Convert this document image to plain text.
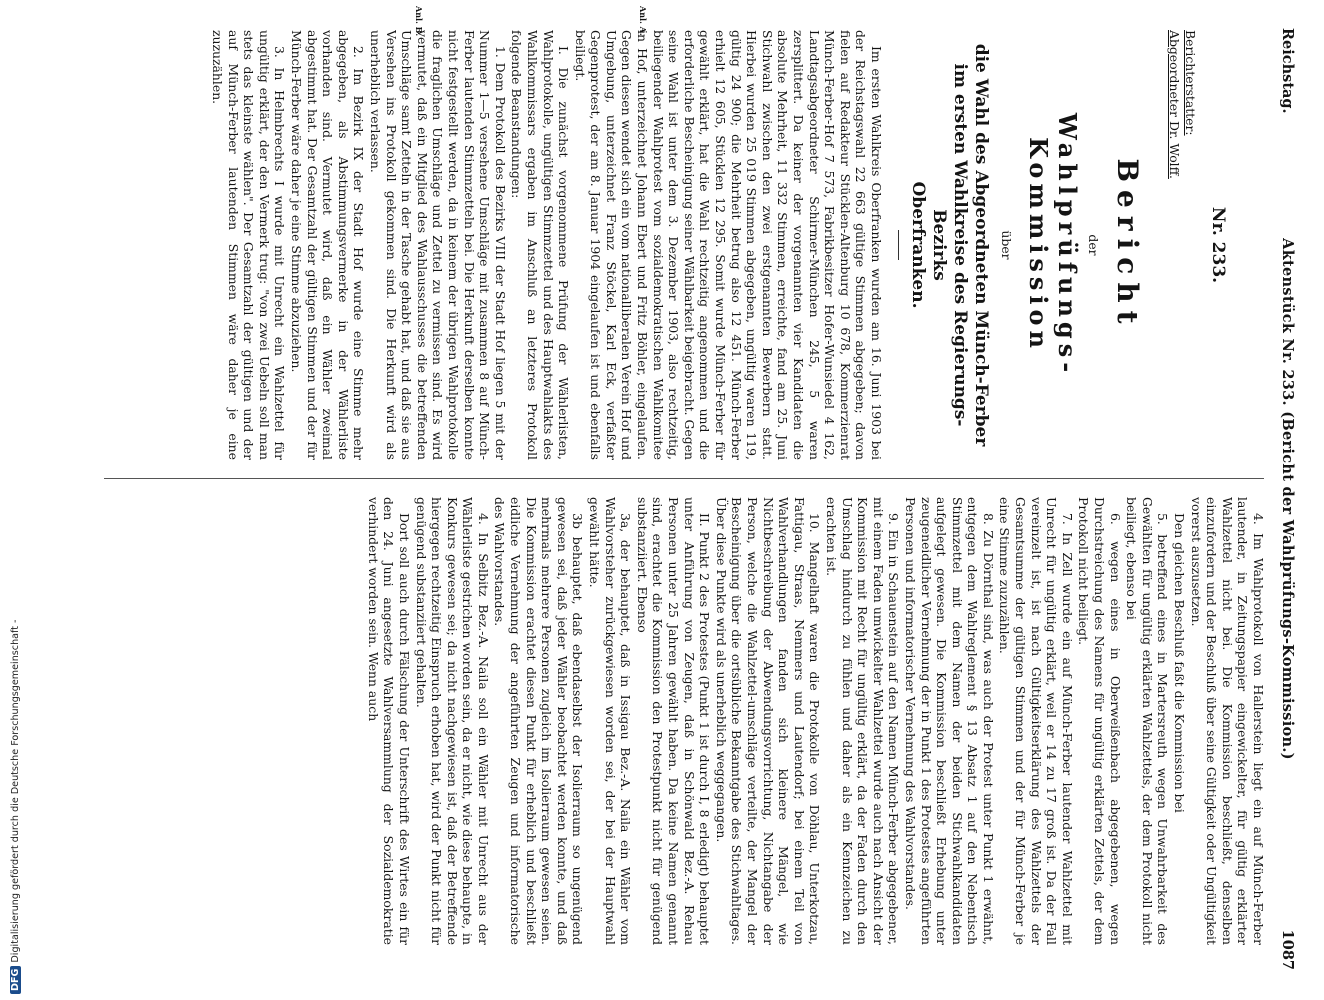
Reichstag.
Aktenstück Nr. 233. (Bericht der Wahlprüfungs-Kommission.)
1087
Nr. 233.

Berichterstatter:

Abgeordneter Dr. Wolff.

Bericht
der
Wahlprüfungs-Kommission
über
die Wahl des Abgeordneten Münch-Ferber
im ersten Wahlkreise des Regierungs-Bezirks
Oberfranken.

Im ersten Wahlkreis Oberfranken wurden am 16. Juni 1903 bei der Reichstagswahl 22 663 gültige Stimmen abgegeben; davon fielen auf Redakteur Stücklen-Altenburg 10 678, Kommerzienrat Münch-Ferber-Hof 7 573, Fabrikbesitzer Hofer-Wunsiedel 4 162, Landtagsabgeordneter Schirmer-München 245, 5 waren zersplittert. Da keiner der vorgenannten vier Kandidaten die absolute Mehrheit, 11 332 Stimmen, erreichte, fand am 25. Juni Stichwahl zwischen den zwei erstgenannten Bewerbern statt. Hierbei wurden 25 019 Stimmen abgegeben, ungültig waren 119, gültig 24 900; die Mehrheit betrug also 12 451. Münch-Ferber erhielt 12 605, Stücklen 12 295. Somit wurde Münch-Ferber für gewählt erklärt, hat die Wahl rechtzeitig angenommen und die erforderliche Bescheinigung seiner Wählbarkeit beigebracht. Gegen seine Wahl ist unter dem 3. Dezember 1903, also rechtzeitig, beiliegender Wahlprotest vom sozialdemokratischen Wahlkomitee in Hof, unterzeichnet Johann Ebert und Fritz Böhler, eingelaufen. Gegen diesen wendet sich ein vom nationalliberalen Verein Hof und Umgebung, unterzeichnet Franz Stöckel, Karl Eck, verfaßter Gegenprotest, der am 8. Januar 1904 eingelaufen ist und ebenfalls beiliegt.

I. Die zunächst vorgenommene Prüfung der Wählerlisten, Wahlprotokolle, ungültigen Stimmzettel und des Hauptwahlakts des Wahlkommissars ergaben im Anschluß an letzteres Protokoll folgende Beanstandungen:

1. Dem Protokoll des Bezirks VIII der Stadt Hof liegen 5 mit der Nummer 1—5 versehene Umschläge mit zusammen 8 auf Münch-Ferber lautenden Stimmzetteln bei. Die Herkunft derselben konnte nicht festgestellt werden, da in keinem der übrigen Wahlprotokolle die fraglichen Umschläge und Zettel zu vermissen sind. Es wird vermutet, daß ein Mitglied des Wahlausschusses die betreffenden Umschläge samt Zetteln in der Tasche gehabt hat, und daß sie aus Versehen ins Protokoll gekommen sind. Die Herkunft wird als unerheblich verlassen.

2. Im Bezirk IX der Stadt Hof wurde eine Stimme mehr abgegeben, als Abstimmungsvermerke in der Wählerliste vorhanden sind. Vermutet wird, daß ein Wähler zweimal abgestimmt hat. Der Gesamtzahl der gültigen Stimmen und der für Münch-Ferber wäre daher je eine Stimme abzuziehen.

3. In Helmbrechts I wurde mit Unrecht ein Wahlzettel für ungültig erklärt, der den Vermerk trug: "von zwei Uebeln soll man stets das kleinste wählen". Der Gesamtzahl der gültigen und der auf Münch-Ferber lautenden Stimmen wäre daher je eine zuzuzählen.

Anl. A.
Anl. B.

4. Im Wahlprotokoll von Hallerstein liegt ein auf Münch-Ferber lautender, in Zeitungspapier eingewickelter, für gültig erklärter Wahlzettel nicht bei. Die Kommission beschließt, denselben einzufordern und der Beschluß über seine Gültigkeit oder Ungültigkeit vorerst auszusetzen.

Den gleichen Beschluß faßt die Kommission bei

5. betreffend eines in Martersreuth wegen Unwahrbarkeit des Gewählten für ungültig erklärten Wahlzettels, der dem Protokoll nicht beiliegt, ebenso bei

6. wegen eines in Oberweißenbach abgegebenen, wegen Durchstreichung des Namens für ungültig erklärten Zettels, der dem Protokoll nicht beiliegt.

7. In Zell wurde ein auf Münch-Ferber lautender Wahlzettel mit Unrecht für ungültig erklärt, weil er 14 zu 17 groß ist. Da der Fall vereinzelt ist, ist nach Gültigkeitserklärung des Wahlzettels der Gesamtsumme der gültigen Stimmen und der für Münch-Ferber je eine Stimme zuzuzählen.

8. Zu Dörnthal sind, was auch der Protest unter Punkt 1 erwähnt, entgegen dem Wahlreglement § 13 Absatz 1 auf den Nebentisch Stimmzettel mit dem Namen der beiden Stichwahlkandidaten aufgelegt gewesen. Die Kommission beschließt Erhebung unter zeugeneidlicher Vernehmung der in Punkt 1 des Protestes angeführten Personen und informatorischer Vernehmung des Wahlvorstandes.

9. Ein in Schauenstein auf den Namen Münch-Ferber abgegebener, mit einem Faden umwickelter Wahlzettel wurde auch nach Ansicht der Kommission mit Recht für ungültig erklärt, da der Faden durch den Umschlag hindurch zu fühlen und daher als ein Kennzeichen zu erachten ist.

10. Mangelhaft waren die Protokolle von Döhlau, Unterkotzau, Fattigau, Straas, Nemmers und Lautendorf; bei einem Teil von Wahlverhandlungen fanden sich kleinere Mängel, wie Nichtbeschreibung der Abwendungsvorrichtung, Nichtangabe der Person, welche die Wahlzettel-umschläge verteilte, der Mangel der Bescheinigung über die ortsübliche Bekanntgabe des Stichwahltages. Über diese Punkte wird als unerheblich weggegangen.

II. Punkt 2 des Protestes (Punkt 1 ist durch I, 8 erledigt) behauptet unter Anführung von Zeugen, daß in Schönwald Bez.-A. Rehau Personen unter 25 Jahren gewählt haben. Da keine Namen genannt sind, erachtet die Kommission den Protestpunkt nicht für genügend substanziiert. Ebenso

3a, der behauptet, daß in Issigau Bez.-A. Naila ein Wähler vom Wahlvorsteher zurückgewiesen worden sei, der bei der Hauptwahl gewählt hätte.

3b behauptet, daß ebendaselbst der Isolierraum so ungenügend gewesen sei, daß jeder Wähler beobachtet werden konnte, und daß mehrmals mehrere Personen zugleich im Isolierraum gewesen seien. Die Kommission erachtet diesen Punkt für erheblich und beschließt eidliche Vernehmung der angeführten Zeugen und informatorische des Wahlvorstandes.

4. In Selbitz Bez.-A. Naila soll ein Wähler mit Unrecht aus der Wählerliste gestrichen worden sein, da er nicht, wie diese behaupte, in Konkurs gewesen sei; da nicht nachgewiesen ist, daß der Betreffende hiergegen rechtzeitig Einspruch erhoben hat, wird der Punkt nicht für genügend substanziiert gehalten.

Dort soll auch durch Fälschung der Unterschrift des Wirtes ein für den 24. Juni angesetzte Wahlversammlung der Sozialdemokratie verhindert worden sein. Wenn auch

DFGDigitalisierung gefördert durch die Deutsche Forschungsgemeinschaft -
